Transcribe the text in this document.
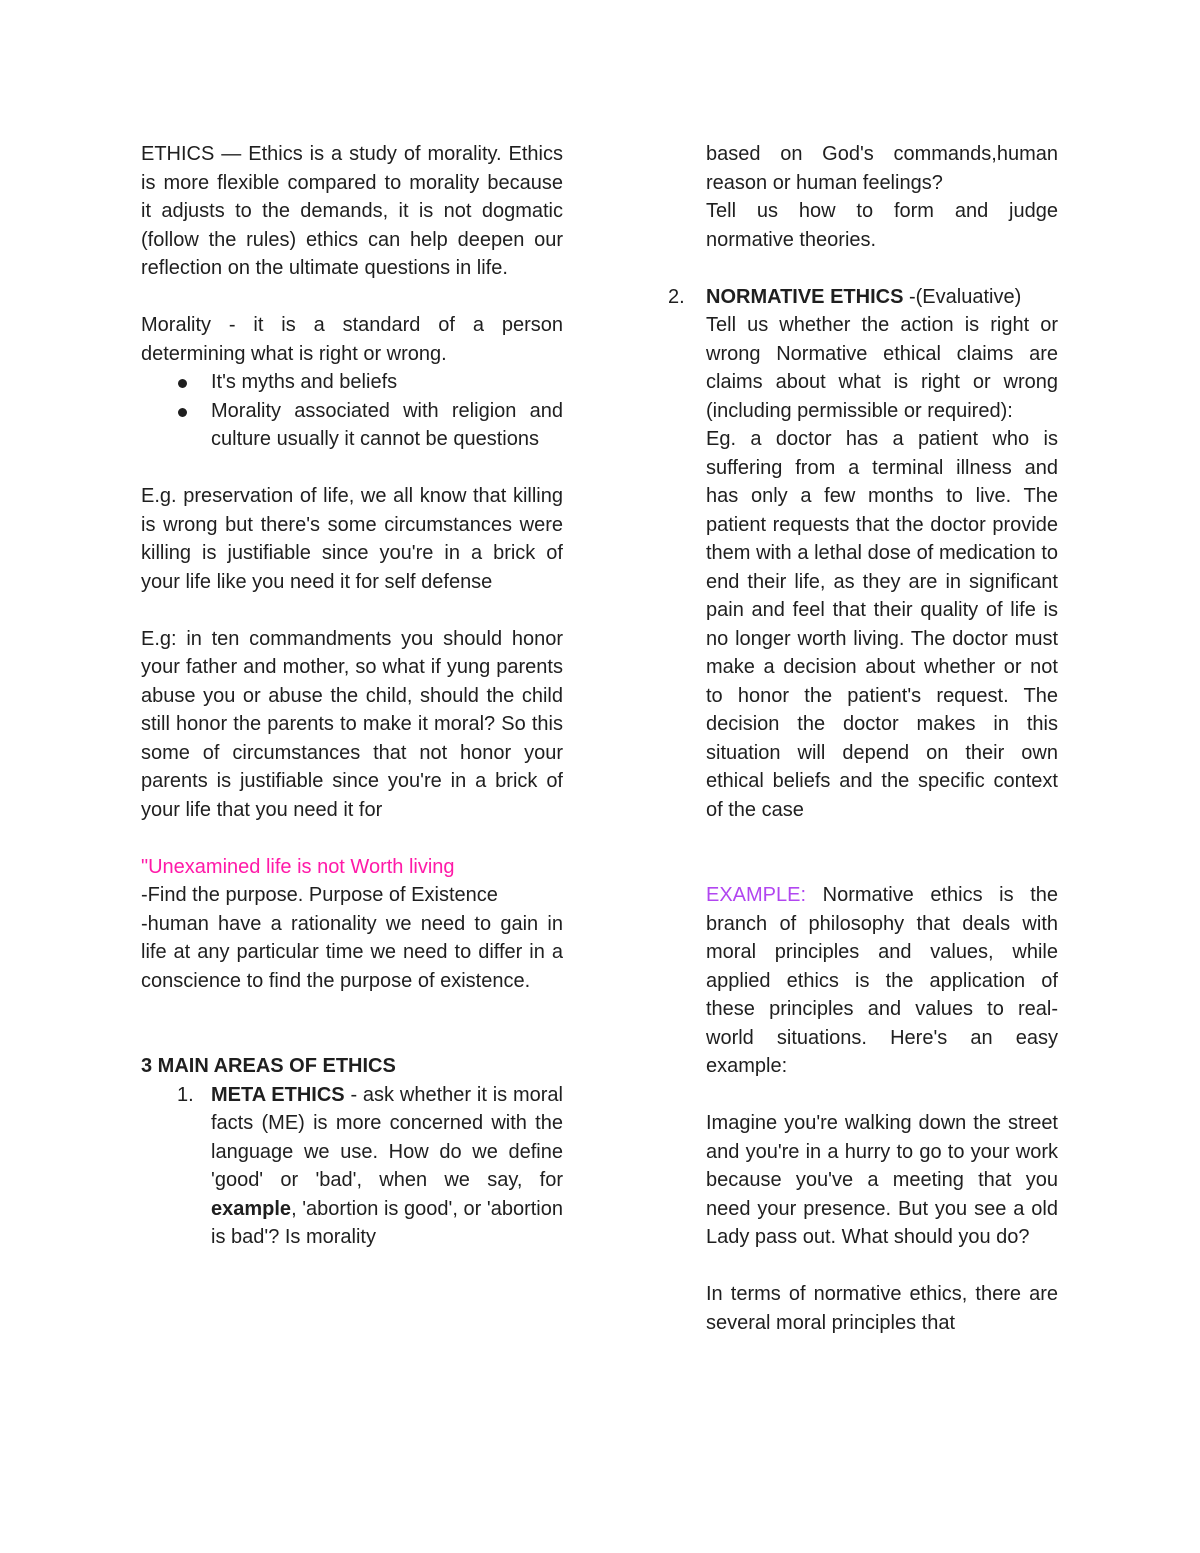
ETHICS — Ethics is a study of morality. Ethics is more flexible compared to morality because it adjusts to the demands, it is not dogmatic (follow the rules) ethics can help deepen our reflection on the ultimate questions in life.

Morality - it is a standard of a person determining what is right or wrong.

It's myths and beliefs
Morality associated with religion and culture usually it cannot be questions

E.g. preservation of life, we all know that killing is wrong but there's some circumstances were killing is justifiable since you're in a brick of your life like you need it for self defense

E.g: in ten commandments you should honor your father and mother, so what if yung parents abuse you or abuse the child, should the child still honor the parents to make it moral? So this some of circumstances that not honor your parents is justifiable since you're in a brick of your life that you need it for

"Unexamined life is not Worth living

-Find the purpose. Purpose of Existence

-human have a rationality we need to gain in life at any particular time we need to differ in a conscience to find the purpose of existence.

3 MAIN AREAS OF ETHICS

1. META ETHICS - ask whether it is moral facts (ME) is more concerned with the language we use. How do we define 'good' or 'bad', when we say, for example, 'abortion is good', or 'abortion is bad'? Is morality

based on God's commands,human reason or human feelings?

Tell us how to form and judge normative theories.

2. NORMATIVE ETHICS -(Evaluative)

Tell us whether the action is right or wrong Normative ethical claims are claims about what is right or wrong (including permissible or required):

Eg. a doctor has a patient who is suffering from a terminal illness and has only a few months to live. The patient requests that the doctor provide them with a lethal dose of medication to end their life, as they are in significant pain and feel that their quality of life is no longer worth living. The doctor must make a decision about whether or not to honor the patient's request. The decision the doctor makes in this situation will depend on their own ethical beliefs and the specific context of the case

EXAMPLE: Normative ethics is the branch of philosophy that deals with moral principles and values, while applied ethics is the application of these principles and values to real-world situations. Here's an easy example:

Imagine you're walking down the street and you're in a hurry to go to your work because you've a meeting that you need your presence. But you see a old Lady pass out. What should you do?

In terms of normative ethics, there are several moral principles that
